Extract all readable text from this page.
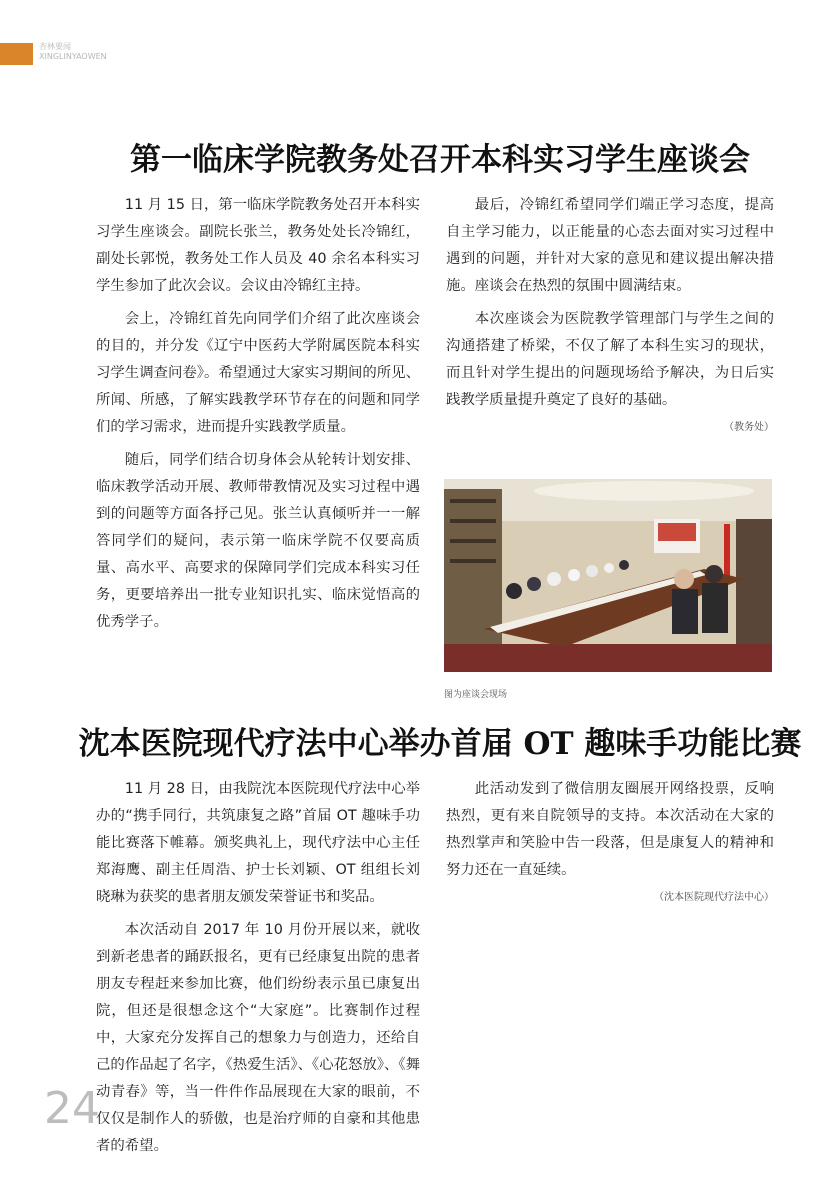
杏林要闻
XINGLINYAOWEN
第一临床学院教务处召开本科实习学生座谈会

11 月 15 日，第一临床学院教务处召开本科实习学生座谈会。副院长张兰，教务处处长冷锦红，副处长郭悦，教务处工作人员及 40 余名本科实习学生参加了此次会议。会议由冷锦红主持。

会上，冷锦红首先向同学们介绍了此次座谈会的目的，并分发《辽宁中医药大学附属医院本科实习学生调查问卷》。希望通过大家实习期间的所见、所闻、所感，了解实践教学环节存在的问题和同学们的学习需求，进而提升实践教学质量。

随后，同学们结合切身体会从轮转计划安排、临床教学活动开展、教师带教情况及实习过程中遇到的问题等方面各抒己见。张兰认真倾听并一一解答同学们的疑问，表示第一临床学院不仅要高质量、高水平、高要求的保障同学们完成本科实习任务，更要培养出一批专业知识扎实、临床觉悟高的优秀学子。

最后，冷锦红希望同学们端正学习态度，提高自主学习能力，以正能量的心态去面对实习过程中遇到的问题，并针对大家的意见和建议提出解决措施。座谈会在热烈的氛围中圆满结束。

本次座谈会为医院教学管理部门与学生之间的沟通搭建了桥梁，不仅了解了本科生实习的现状，而且针对学生提出的问题现场给予解决，为日后实践教学质量提升奠定了良好的基础。

（教务处）
图为座谈会现场
沈本医院现代疗法中心举办首届 OT 趣味手功能比赛

11 月 28 日，由我院沈本医院现代疗法中心举办的“携手同行，共筑康复之路”首届 OT 趣味手功能比赛落下帷幕。颁奖典礼上，现代疗法中心主任郑海鹰、副主任周浩、护士长刘颖、OT 组组长刘晓琳为获奖的患者朋友颁发荣誉证书和奖品。

本次活动自 2017 年 10 月份开展以来，就收到新老患者的踊跃报名，更有已经康复出院的患者朋友专程赶来参加比赛，他们纷纷表示虽已康复出院，但还是很想念这个“大家庭”。比赛制作过程中，大家充分发挥自己的想象力与创造力，还给自己的作品起了名字，《热爱生活》、《心花怒放》、《舞动青春》等，当一件件作品展现在大家的眼前，不仅仅是制作人的骄傲，也是治疗师的自豪和其他患者的希望。

此活动发到了微信朋友圈展开网络投票，反响热烈，更有来自院领导的支持。本次活动在大家的热烈掌声和笑脸中告一段落，但是康复人的精神和努力还在一直延续。

（沈本医院现代疗法中心）
24
